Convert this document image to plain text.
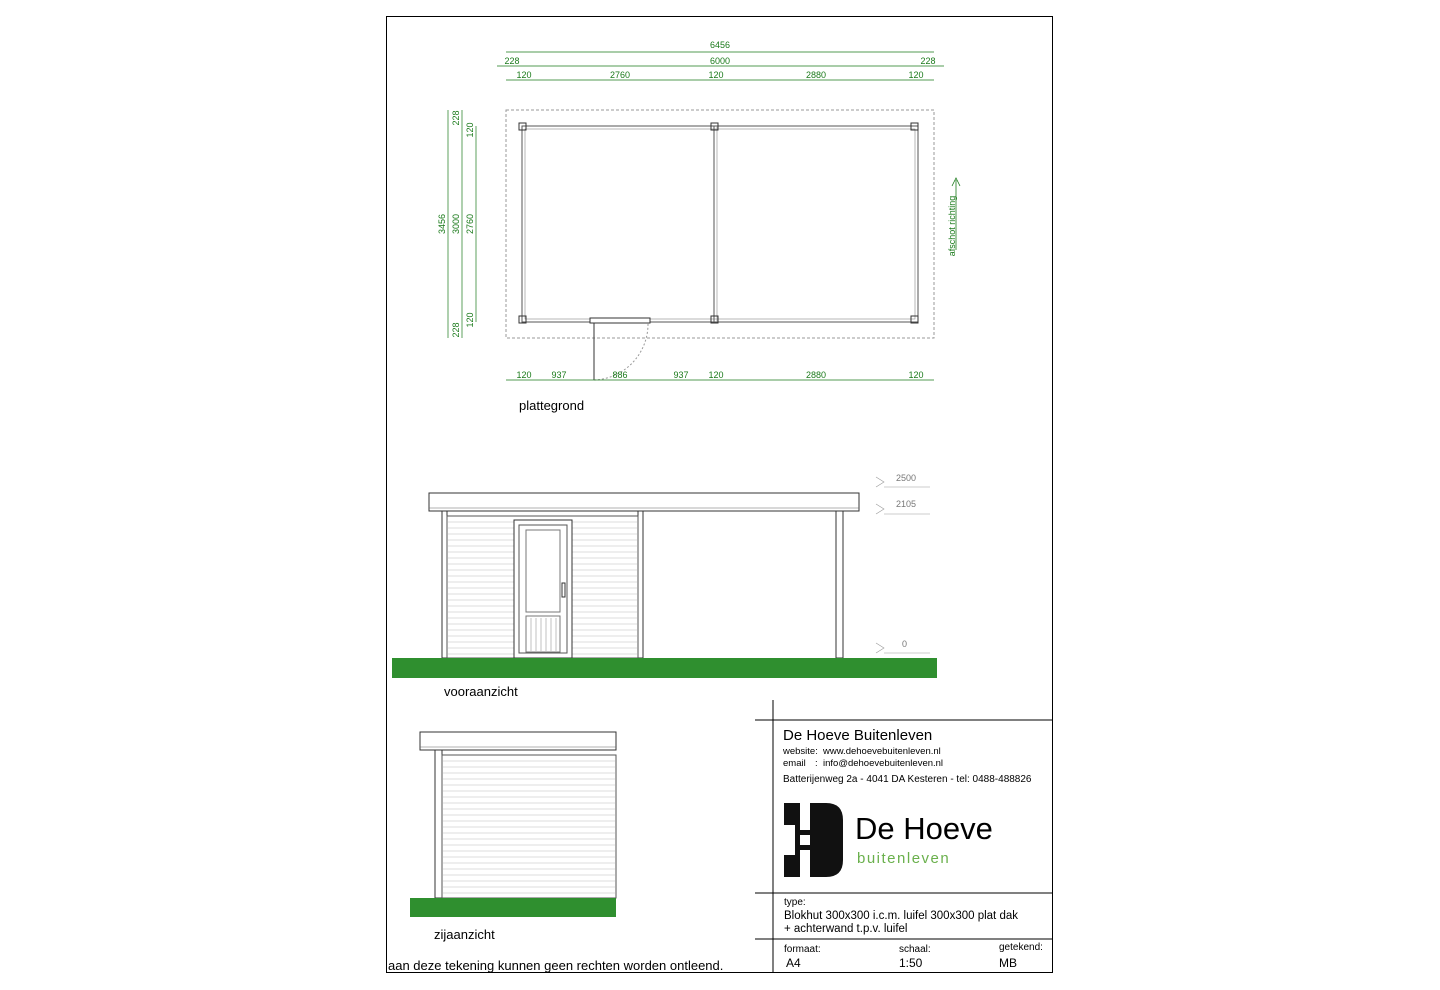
6456
228	6000	228
120	2760	120	2880	120
120 937	886	937 120	2880	120
3456 3000 2760
228
120
120
228
afschot richting
2500
2105
0
plattegrond
vooraanzicht
zijaanzicht
De Hoeve Buitenleven
website: www.dehoevebuitenleven.nl
email : info@dehoevebuitenleven.nl
Batterijenweg 2a - 4041 DA Kesteren - tel: 0488-488826
De Hoeve
buitenleven
type:
Blokhut 300x300 i.c.m. luifel 300x300 plat dak
+ achterwand t.p.v. luifel
formaat:
A4
schaal:
1:50
getekend:
MB
aan deze tekening kunnen geen rechten worden ontleend.
